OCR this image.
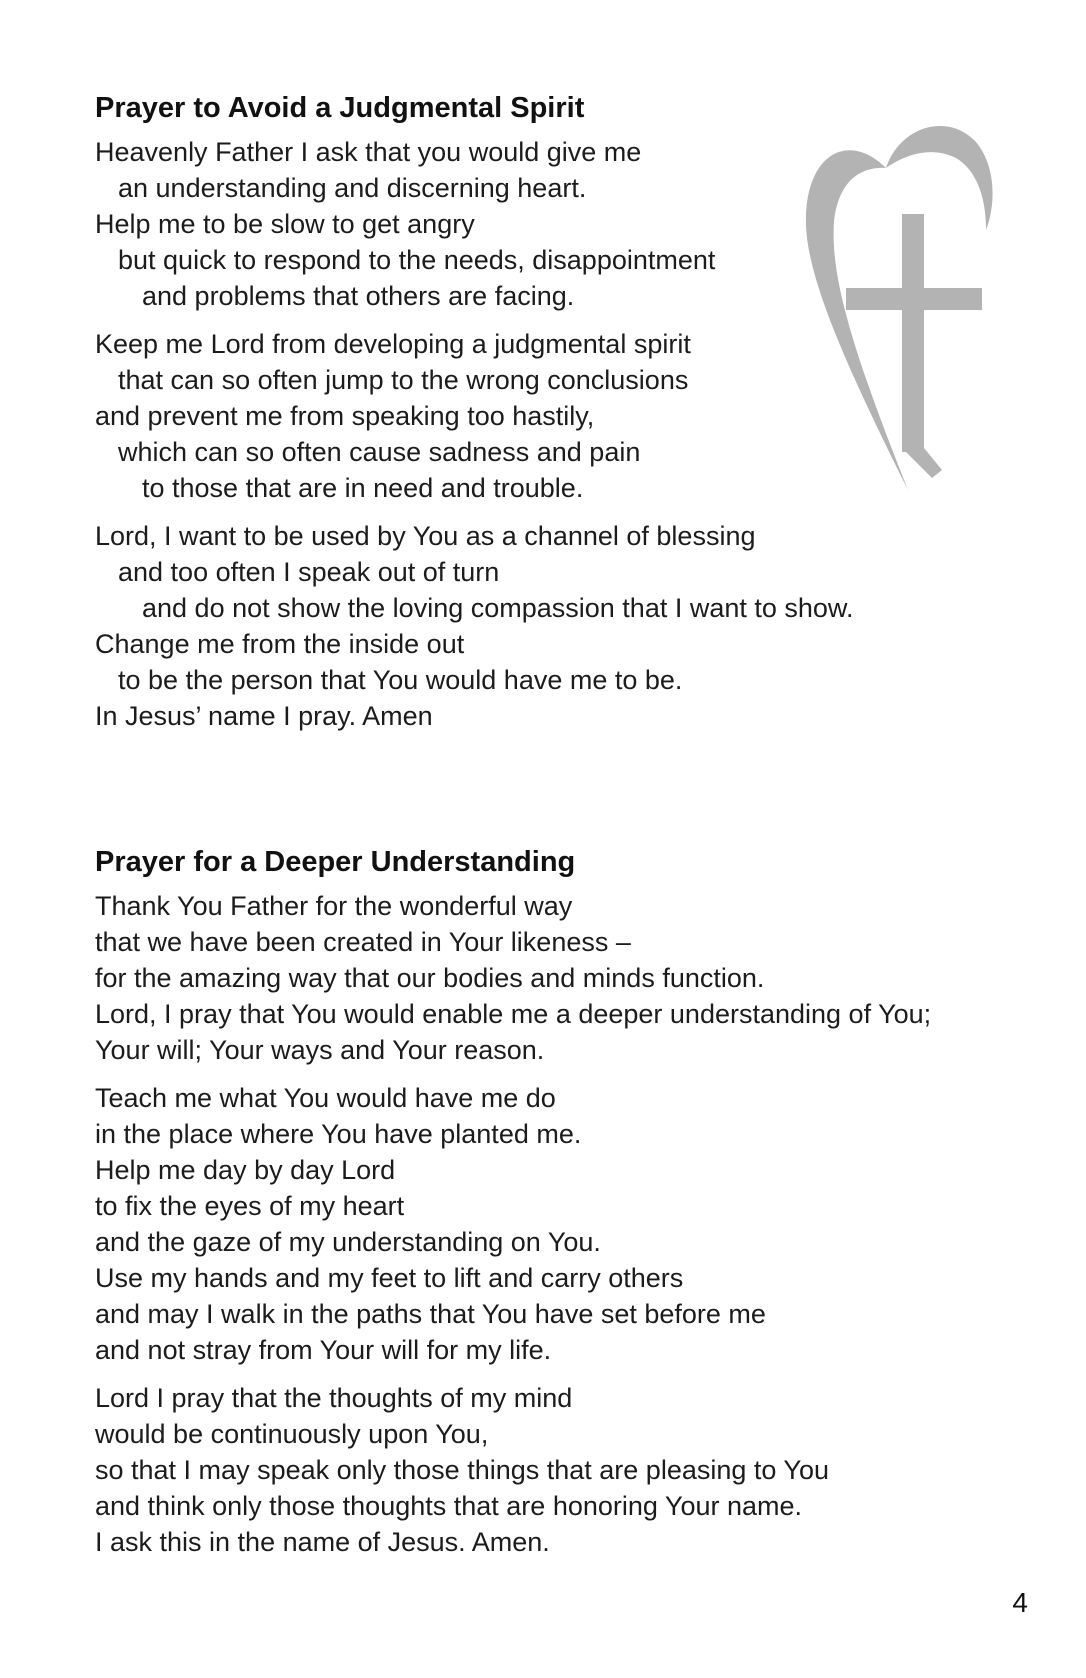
Prayer to Avoid a Judgmental Spirit
Heavenly Father I ask that you would give me
an understanding and discerning heart.
Help me to be slow to get angry
but quick to respond to the needs, disappointment
and problems that others are facing.
Keep me Lord from developing a judgmental spirit
that can so often jump to the wrong conclusions
and prevent me from speaking too hastily,
which can so often cause sadness and pain
to those that are in need and trouble.
Lord, I want to be used by You as a channel of blessing
and too often I speak out of turn
and do not show the loving compassion that I want to show.
Change me from the inside out
to be the person that You would have me to be.
In Jesus’ name I pray. Amen
Prayer for a Deeper Understanding
Thank You Father for the wonderful way
that we have been created in Your likeness –
for the amazing way that our bodies and minds function.
Lord, I pray that You would enable me a deeper understanding of You;
Your will; Your ways and Your reason.
Teach me what You would have me do
in the place where You have planted me.
Help me day by day Lord
to fix the eyes of my heart
and the gaze of my understanding on You.
Use my hands and my feet to lift and carry others
and may I walk in the paths that You have set before me
and not stray from Your will for my life.
Lord I pray that the thoughts of my mind
would be continuously upon You,
so that I may speak only those things that are pleasing to You
and think only those thoughts that are honoring Your name.
I ask this in the name of Jesus. Amen.
4
